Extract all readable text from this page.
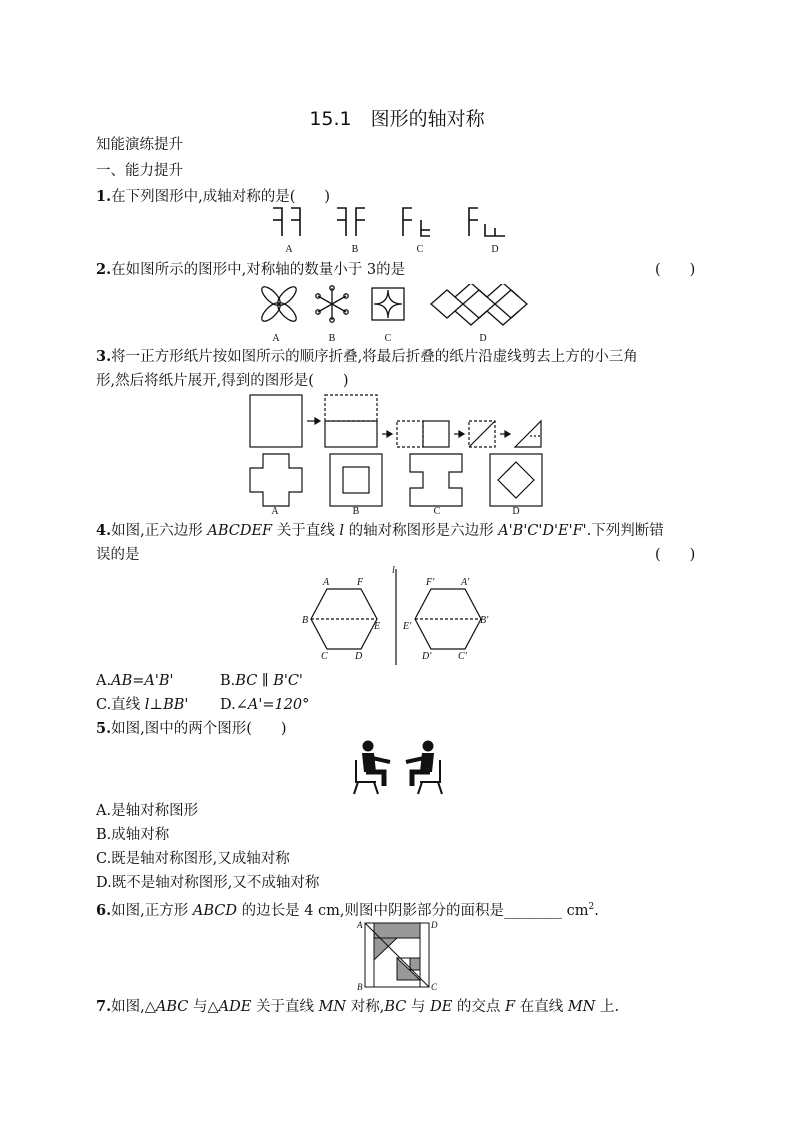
15.1　图形的轴对称
知能演练提升
一、能力提升
1.在下列图形中,成轴对称的是(　　)
A	B	C	D
2.在如图所示的图形中,对称轴的数量小于 3的是	(　　)
A	B	C	D
3.将一正方形纸片按如图所示的顺序折叠,将最后折叠的纸片沿虚线剪去上方的小三角
形,然后将纸片展开,得到的图形是(　　)
A	B	C	D
4.如图,正六边形 ABCDEF 关于直线 l 的轴对称图形是六边形 A'B'C'D'E'F'.下列判断错
误的是	(　　)
A	F
B
E
C	D
l
F'	A'
E'
B'
D'	C'
A.AB=A'B'	B.BC ∥ B'C'
C.直线 l⊥BB' D.∠A'=120°
5.如图,图中的两个图形(　　)
A.是轴对称图形
B.成轴对称
C.既是轴对称图形,又成轴对称
D.既不是轴对称图形,又不成轴对称
6.如图,正方形 ABCD 的边长是 4 cm,则图中阴影部分的面积是________ $cm^2$.
A	D
B	C
7.如图,△ABC 与△ADE 关于直线 MN 对称,BC 与 DE 的交点 F 在直线 MN 上.
